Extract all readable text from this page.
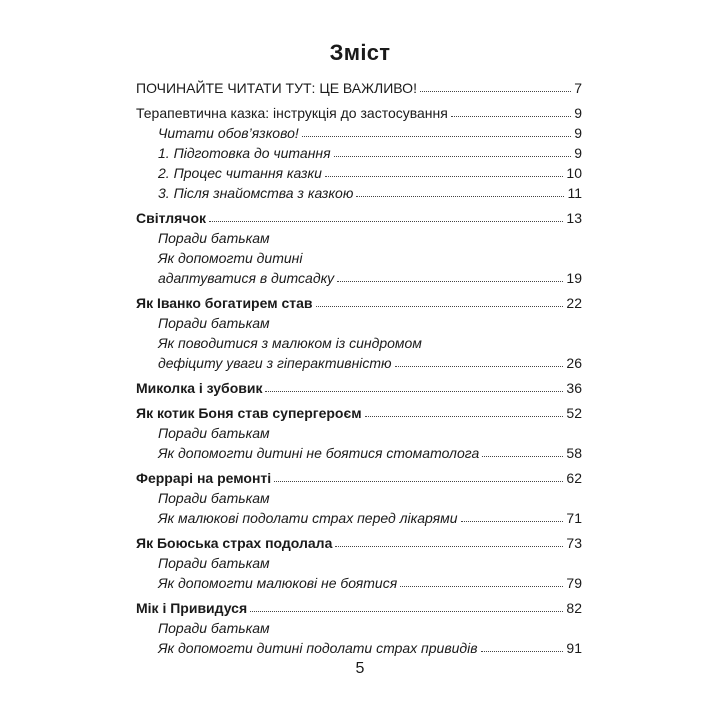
Зміст
ПОЧИНАЙТЕ ЧИТАТИ ТУТ: ЦЕ ВАЖЛИВО!	7
Терапевтична казка: інструкція до застосування	9
Читати обов’язково!	9
1. Підготовка до читання	9
2. Процес читання казки	10
3. Після знайомства з казкою	11
Світлячок	13
Поради батькам
Як допомогти дитині
адаптуватися в дитсадку	19
Як Іванко богатирем став	22
Поради батькам
Як поводитися з малюком із синдромом
дефіциту уваги з гіперактивністю	26
Миколка і зубовик	36
Як котик Боня став супергероєм	52
Поради батькам
Як допомогти дитині не боятися стоматолога	58
Феррарі на ремонті	62
Поради батькам
Як малюкові подолати страх перед лікарями	71
Як Боюська страх подолала	73
Поради батькам
Як допомогти малюкові не боятися	79
Мік і Привидуся	82
Поради батькам
Як допомогти дитині подолати страх привидів	91
5
